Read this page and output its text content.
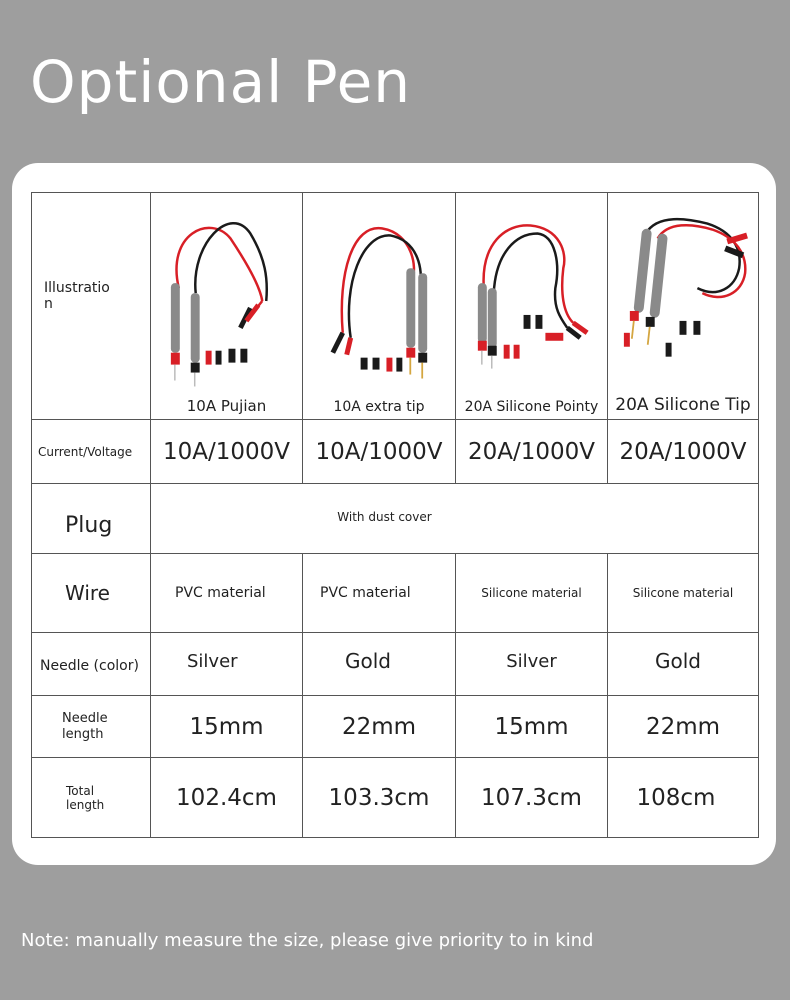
Optional Pen
Illustratio
n	10A Pujian	10A extra tip	20A Silicone Pointy	20A Silicone Tip

Current/Voltage	10A/1000V	10A/1000V	20A/1000V	20A/1000V
Plug	With dust cover			
Wire	PVC material	PVC material	Silicone material	Silicone material
Needle (color)	Silver	Gold	Silver	Gold

Needle
length	15mm	22mm	15mm	22mm

Total
length	102.4cm	103.3cm	107.3cm	108cm
Note: manually measure the size, please give priority to in kind
